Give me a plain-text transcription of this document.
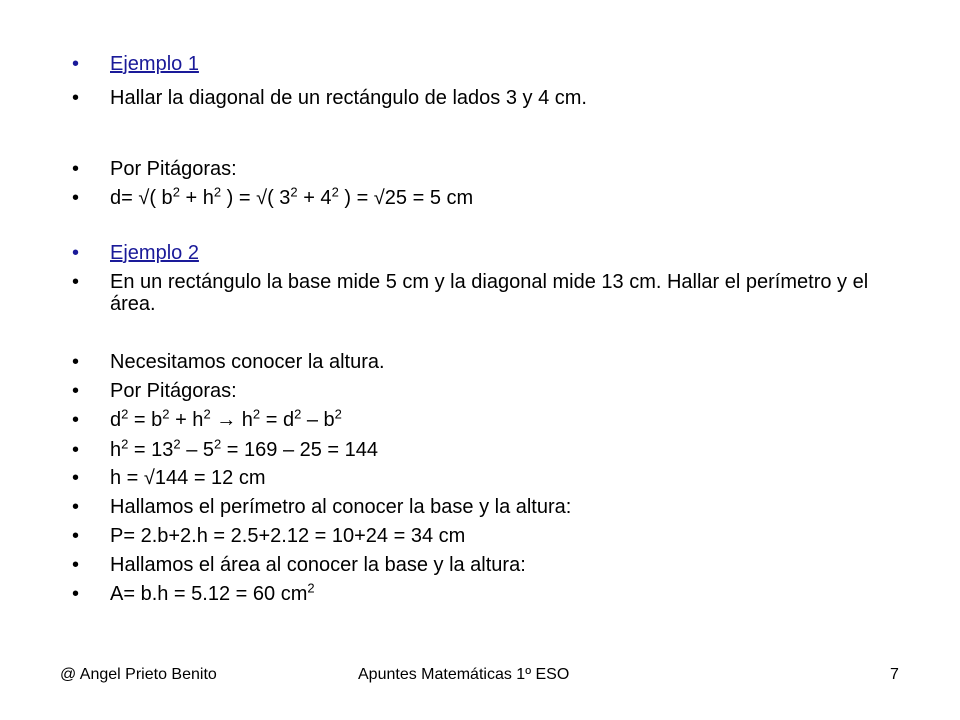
• Ejemplo 1
• Hallar la diagonal de un rectángulo de lados 3 y 4 cm.
• Por Pitágoras:
• d= √( $b^2 + h^2$ ) = √( $3^2 + 4^2$ ) = √25 = 5 cm
• Ejemplo 2
• En un rectángulo la base mide 5 cm y la diagonal mide 13 cm. Hallar el perímetro y el área.
• Necesitamos conocer la altura.
• Por Pitágoras:
• $d^2 = b^2 + h^2 \to h^2 = d^2 - b^2$
• $h^2 = 13^2 - 5^2 = 169 - 25 = 144$
• h = √144 = 12 cm
• Hallamos el perímetro al conocer la base y la altura:
• P= 2.b+2.h = 2.5+2.12 = 10+24 = 34 cm
• Hallamos el área al conocer la base y la altura:
• A= b.h = 5.12 = 60 $cm^2$
@ Angel Prieto Benito	Apuntes Matemáticas 1º ESO	7
